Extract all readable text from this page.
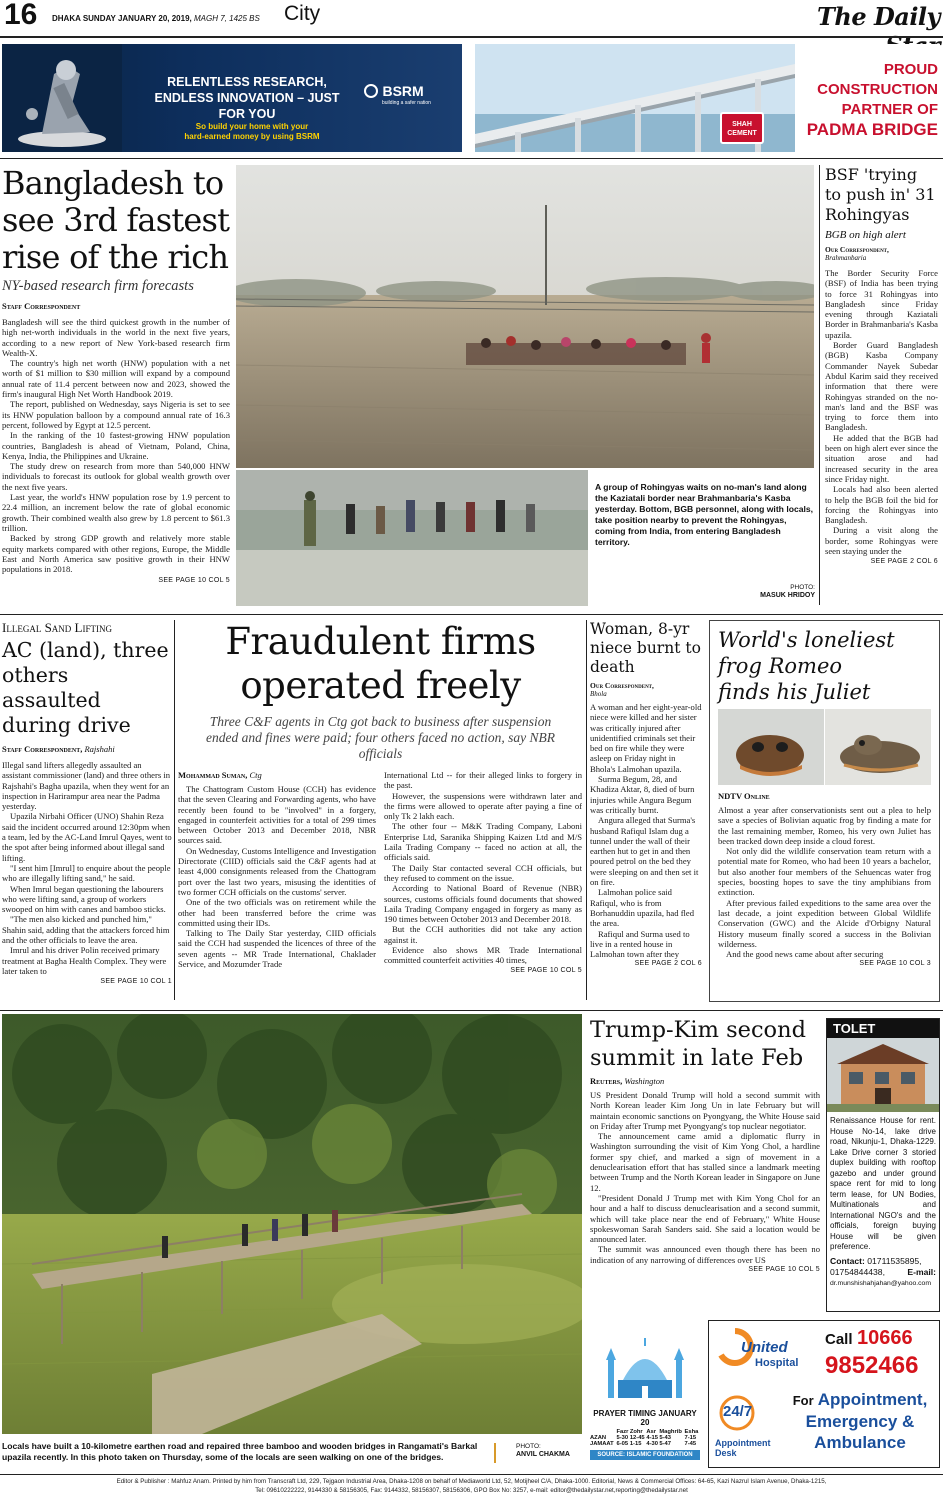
16 DHAKA SUNDAY JANUARY 20, 2019, MAGH 7, 1425 BS City	The Daily
RELENTLESS RESEARCH,
ENDLESS INNOVATION – JUST FOR YOU
BSRM
building a safer nation
So build your home with your
hard-earned money by using BSRM
SHAH
CEMENT
PROUD
CONSTRUCTION
PARTNER OF
PADMA BRIDGE
Bangladesh to see 3rd fastest rise of the rich
NY-based research firm forecasts
Staff Correspondent

Bangladesh will see the third quickest growth in the number of high net-worth individuals in the world in the next five years, according to a new report of New York-based research firm Wealth-X.

The country's high net worth (HNW) population with a net worth of $1 million to $30 million will expand by a compound annual rate of 11.4 percent between now and 2023, showed the firm's inaugural High Net Worth Handbook 2019.

The report, published on Wednesday, says Nigeria is set to see its HNW population balloon by a compound annual rate of 16.3 percent, followed by Egypt at 12.5 percent.

In the ranking of the 10 fastest-growing HNW population countries, Bangladesh is ahead of Vietnam, Poland, China, Kenya, India, the Philippines and Ukraine.

The study drew on research from more than 540,000 HNW individuals to forecast its outlook for global wealth growth over the next five years.

Last year, the world's HNW population rose by 1.9 percent to 22.4 million, an increment below the rate of global economic growth. Their combined wealth also grew by 1.8 percent to $61.3 trillion.

Backed by strong GDP growth and relatively more stable equity markets compared with other regions, Europe, the Middle East and North America saw positive growth in their HNW populations in 2018.

SEE PAGE 10 COL 5
A group of Rohingyas waits on no-man's land along the Kaziatali border near Brahmanbaria's Kasba yesterday. Bottom, BGB personnel, along with locals, take position nearby to prevent the Rohingyas, coming from India, from entering Bangladesh territory.
PHOTO:
MASUK HRIDOY
BSF 'trying to push in' 31 Rohingyas
BGB on high alert
Our Correspondent,
Brahmanbaria

The Border Security Force (BSF) of India has been trying to force 31 Rohingyas into Bangladesh since Friday evening through Kaziatali Border in Brahmanbaria's Kasba upazila.

Border Guard Bangladesh (BGB) Kasba Company Commander Nayek Subedar Abdul Karim said they received information that there were Rohingyas stranded on the no-man's land and the BSF was trying to force them into Bangladesh.

He added that the BGB had been on high alert ever since the situation arose and had increased security in the area since Friday night.

Locals had also been alerted to help the BGB foil the bid for forcing the Rohingyas into Bangladesh.

During a visit along the border, some Rohingyas were seen staying under the

SEE PAGE 2 COL 6
Illegal Sand Lifting
AC (land), three others assaulted during drive
Staff Correspondent, Rajshahi

Illegal sand lifters allegedly assaulted an assistant commissioner (land) and three others in Rajshahi's Bagha upazila, when they went for an inspection in Harirampur area near the Padma yesterday.

Upazila Nirbahi Officer (UNO) Shahin Reza said the incident occurred around 12:30pm when a team, led by the AC-Land Imrul Qayes, went to the spot after being informed about illegal sand lifting.

"I sent him [Imrul] to enquire about the people who are illegally lifting sand," he said.

When Imrul began questioning the labourers who were lifting sand, a group of workers swooped on him with canes and bamboo sticks.

"The men also kicked and punched him," Shahin said, adding that the attackers forced him and the other officials to leave the area.

Imrul and his driver Polin received primary treatment at Bagha Health Complex. They were later taken to

SEE PAGE 10 COL 1
Fraudulent firms
operated freely
Three C&F agents in Ctg got back to business after suspension ended and fines were paid; four others faced no action, say NBR officials
Mohammad Suman, Ctg

The Chattogram Custom House (CCH) has evidence that the seven Clearing and Forwarding agents, who have recently been found to be "involved" in a forgery, engaged in counterfeit activities for a total of 299 times between October 2013 and December 2018, NBR sources said.

On Wednesday, Customs Intelligence and Investigation Directorate (CIID) officials said the C&F agents had at least 4,000 consignments released from the Chattogram port over the last two years, misusing the identities of two former CCH officials on the customs' server.

One of the two officials was on retirement while the other had been transferred before the crime was committed using their IDs.

Talking to The Daily Star yesterday, CIID officials said the CCH had suspended the licences of three of the seven agents -- MR Trade International, Chaklader Service, and Mozumder Trade

International Ltd -- for their alleged links to forgery in the past.

However, the suspensions were withdrawn later and the firms were allowed to operate after paying a fine of only Tk 2 lakh each.

The other four -- M&K Trading Company, Laboni Enterprise Ltd, Saranika Shipping Kaizen Ltd and M/S Laila Trading Company -- faced no action at all, the officials said.

The Daily Star contacted several CCH officials, but they refused to comment on the issue.

According to National Board of Revenue (NBR) sources, customs officials found documents that showed Laila Trading Company engaged in forgery as many as 190 times between October 2013 and December 2018.

But the CCH authorities did not take any action against it.

Evidence also shows MR Trade International committed counterfeit activities 40 times,

SEE PAGE 10 COL 5
Woman, 8-yr niece burnt to death
Our Correspondent,
Bhola

A woman and her eight-year-old niece were killed and her sister was critically injured after unidentified criminals set their bed on fire while they were asleep on Friday night in Bhola's Lalmohan upazila.

Surma Begum, 28, and Khadiza Aktar, 8, died of burn injuries while Angura Begum was critically burnt.

Angura alleged that Surma's husband Rafiqul Islam dug a tunnel under the wall of their earthen hut to get in and then poured petrol on the bed they were sleeping on and then set it on fire.

Lalmohan police said Rafiqul, who is from Borhanuddin upazila, had fled the area.

Rafiqul and Surma used to live in a rented house in Lalmohan town after they

SEE PAGE 2 COL 6
World's loneliest
frog Romeo
finds his Juliet
NDTV Online

Almost a year after conservationists sent out a plea to help save a species of Bolivian aquatic frog by finding a mate for the last remaining member, Romeo, his very own Juliet has been tracked down deep inside a cloud forest.

Not only did the wildlife conservation team return with a potential mate for Romeo, who had been 10 years a bachelor, but also another four members of the Sehuencas water frog species, boosting hopes to save the tiny amphibians from extinction.

After previous failed expeditions to the same area over the last decade, a joint expedition between Global Wildlife Conservation (GWC) and the Alcide d'Orbigny Natural History museum finally scored a success in the Bolivian wilderness.

And the good news came about after securing

SEE PAGE 10 COL 3
Locals have built a 10-kilometre earthen road and repaired three bamboo and wooden bridges in Rangamati's Barkal upazila recently. In this photo taken on Thursday, some of the locals are seen walking on one of the bridges.
PHOTO:
ANVIL CHAKMA
Trump-Kim second
summit in late Feb
Reuters, Washington

US President Donald Trump will hold a second summit with North Korean leader Kim Jong Un in late February but will maintain economic sanctions on Pyongyang, the White House said on Friday after Trump met Pyongyang's top nuclear negotiator.

The announcement came amid a diplomatic flurry in Washington surrounding the visit of Kim Yong Chol, a hardline former spy chief, and marked a sign of movement in a denuclearisation effort that has stalled since a landmark meeting between Trump and the North Korean leader in Singapore on June 12.

"President Donald J Trump met with Kim Yong Chol for an hour and a half to discuss denuclearisation and a second summit, which will take place near the end of February," White House spokeswoman Sarah Sanders said. She said a location would be announced later.

The summit was announced even though there has been no indication of any narrowing of differences over US

SEE PAGE 10 COL 5
TOLET
Renaissance House for rent. House No-14, lake drive road, Nikunju-1, Dhaka-1229. Lake Drive corner 3 storied duplex building with rooftop gazebo and under ground space rent for mid to long term lease, for UN Bodies, Multinationals and International NGO's and the officials, foreign buying House will be given preference.
Contact: 01711535895,
01754844438,	E-mail:
dr.munshishahjahan@yahoo.com
PRAYER TIMING JANUARY 20
	Fazr	Zohr	Asr	Maghrib	Esha
AZAN	5-30	12-45	4-15	5-43	7-15
JAMAAT	6-05	1-15	4-30	5-47	7-45
SOURCE: ISLAMIC FOUNDATION
United
Hospital
Call 10666
9852466
24/7
Appointment
Desk
For Appointment,
Emergency &
Ambulance
Editor & Publisher : Mahfuz Anam. Printed by him from Transcraft Ltd, 229, Tejgaon Industrial Area, Dhaka-1208 on behalf of Mediaworld Ltd, 52, Motijheel C/A, Dhaka-1000. Editorial, News & Commercial Offices: 64-65, Kazi Nazrul Islam Avenue, Dhaka-1215,
Tel: 09610222222, 9144330 & 58156305, Fax: 9144332, 58156307, 58156306, GPO Box No: 3257, e-mail: editor@thedailystar.net,reporting@thedailystar.net
